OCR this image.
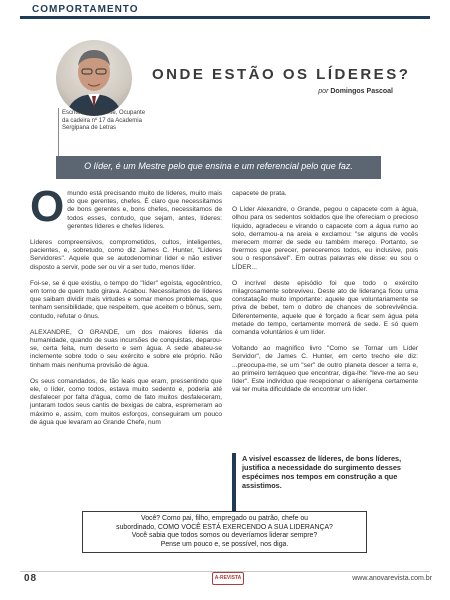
COMPORTAMENTO
Escritor, Palestrante, Ocupante da cadeira nº 17 da Academia Sergipana de Letras
ONDE ESTÃO OS LÍDERES?
por Domingos Pascoal
O líder, é um Mestre pelo que ensina e um referencial pelo que faz.

O mundo está precisando muito de líderes, muito mais do que gerentes, chefes. É claro que necessitamos de bons gerentes e, bons chefes, necessitamos de todos esses, contudo, que sejam, antes, líderes: gerentes líderes e chefes líderes.

Líderes compreensivos, comprometidos, cultos, inteligentes, pacientes, e, sobretudo, como diz James C. Hunter, "Líderes Servidores". Aquele que se autodenominar líder e não estiver disposto a servir, pode ser ou vir a ser tudo, menos líder.

Foi-se, se é que existiu, o tempo do "líder" egoísta, egocêntrico, em torno de quem tudo girava. Acabou. Necessitamos de líderes que saibam dividir mais virtudes e somar menos problemas, que tenham sensibilidade, que respeitem, que aceitem o bônus, sem, contudo, refutar o ônus.

ALEXANDRE, O GRANDE, um dos maiores líderes da humanidade, quando de suas incursões de conquistas, deparou-se, certa feita, num deserto e sem água. A sede abateu-se inclemente sobre todo o seu exército e sobre ele próprio. Não tinham mais nenhuma provisão de água.

Os seus comandados, de tão leais que eram, pressentindo que ele, o líder, como todos, estava muito sedento e, poderia até desfalecer por falta d'água, como de fato muitos desfaleceram, juntaram todos seus cantis de bexigas de cabra, espremeram ao máximo e, assim, com muitos esforços, conseguiram um pouco de água que levaram ao Grande Chefe, num

capacete de prata.

O Líder Alexandre, o Grande, pegou o capacete com a água, olhou para os sedentos soldados que lhe ofereciam o precioso líquido, agradeceu e virando o capacete com a água rumo ao solo, derramou-a na areia e exclamou: "se alguns de vocês merecem morrer de sede eu também mereço. Portanto, se tivermos que perecer, pereceremos todos, eu inclusive, pois sou o responsável". Em outras palavras ele disse: eu sou o LÍDER...

O incrível deste episódio foi que todo o exército milagrosamente sobreviveu. Deste ato de liderança ficou uma constatação muito importante: aquele que voluntariamente se priva de bebet, tem o dobro de chances de sobrevivência. Diferentemente, aquele que é forçado a ficar sem água pela metade do tempo, certamente morrerá de sede. E só quem comanda voluntários é um líder.

Voltando ao magnífico livro "Como se Tornar um Líder Servidor", de James C. Hunter, em certo trecho ele diz: ...preocupa-me, se um "ser" de outro planeta descer a terra e, ao primeiro terráqueo que encontrar, diga-lhe: "leve-me ao seu líder". Este indivíduo que recepcionar o alienígena certamente vai ter muita dificuldade de encontrar um líder.

A visível escassez de líderes, de bons líderes, justifica a necessidade do surgimento desses espécimes nos tempos em construção a que assistimos.
Você? Como pai, filho, empregado ou patrão, chefe ou
subordinado, COMO VOCÊ ESTÁ EXERCENDO A SUA LIDERANÇA?
Você sabia que todos somos ou deveríamos liderar sempre?
Pense um pouco e, se possível, nos diga.
08	A-REVISTA	www.anovarevista.com.br
